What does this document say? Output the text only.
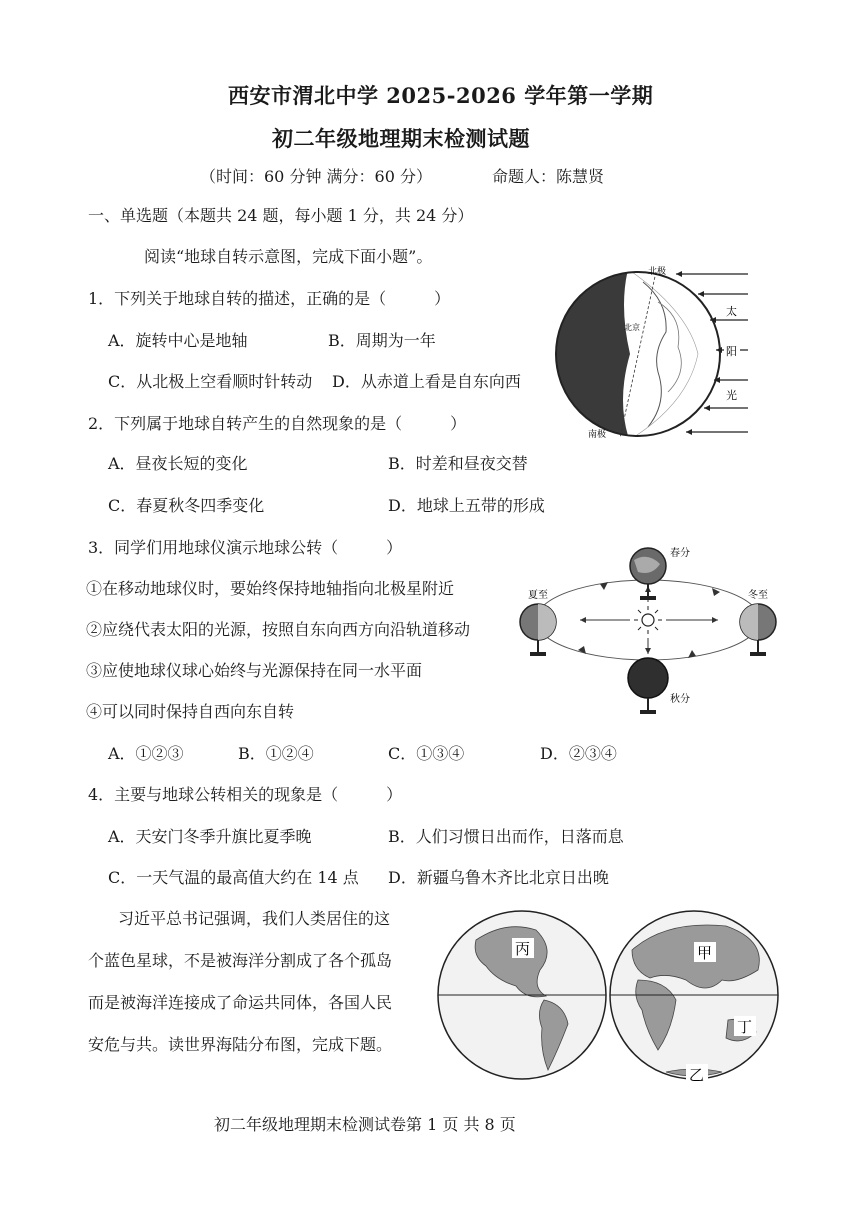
西安市渭北中学 2025-2026 学年第一学期
初二年级地理期末检测试题
（时间：60 分钟 满分：60 分）	命题人：陈慧贤
一、单选题（本题共 24 题，每小题 1 分，共 24 分）
阅读“地球自转示意图，完成下面小题”。
1．下列关于地球自转的描述，正确的是（　　　）
A．旋转中心是地轴	B．周期为一年
C．从北极上空看顺时针转动 D．从赤道上看是自东向西
2．下列属于地球自转产生的自然现象的是（　　　）
A．昼夜长短的变化	B．时差和昼夜交替
C．春夏秋冬四季变化	D．地球上五带的形成
3．同学们用地球仪演示地球公转（　　　）
①在移动地球仪时，要始终保持地轴指向北极星附近
②应绕代表太阳的光源，按照自东向西方向沿轨道移动
③应使地球仪球心始终与光源保持在同一水平面
④可以同时保持自西向东自转
A．①②③	B．①②④	C．①③④	D．②③④
4．主要与地球公转相关的现象是（　　　）
A．天安门冬季升旗比夏季晚	B．人们习惯日出而作，日落而息
C．一天气温的最高值大约在 14 点 D．新疆乌鲁木齐比北京日出晚
习近平总书记强调，我们人类居住的这
个蓝色星球，不是被海洋分割成了各个孤岛
而是被海洋连接成了命运共同体，各国人民
安危与共。读世界海陆分布图，完成下题。
初二年级地理期末检测试卷第 1 页 共 8 页
北极
南极
北京
太
阳
光
春分
夏至	冬至
秋分
丙	甲
丁
乙
